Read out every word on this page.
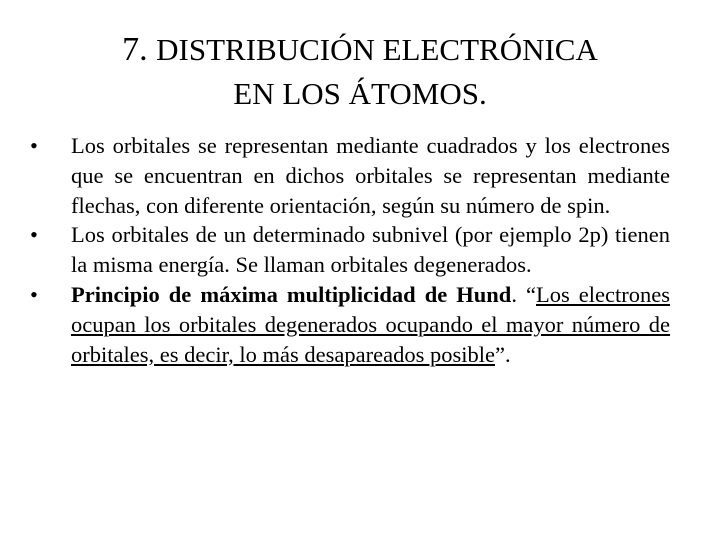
7. DISTRIBUCIÓN ELECTRÓNICA
EN LOS ÁTOMOS.
•	Los orbitales se representan mediante cuadrados y los electrones que se encuentran en dichos orbitales se representan mediante flechas, con diferente orientación, según su número de spin.
•	Los orbitales de un determinado subnivel (por ejemplo 2p) tienen la misma energía. Se llaman orbitales degenerados.
•	Principio de máxima multiplicidad de Hund. “Los electrones ocupan los orbitales degenerados ocupando el mayor número de orbitales, es decir, lo más desapareados posible”.
